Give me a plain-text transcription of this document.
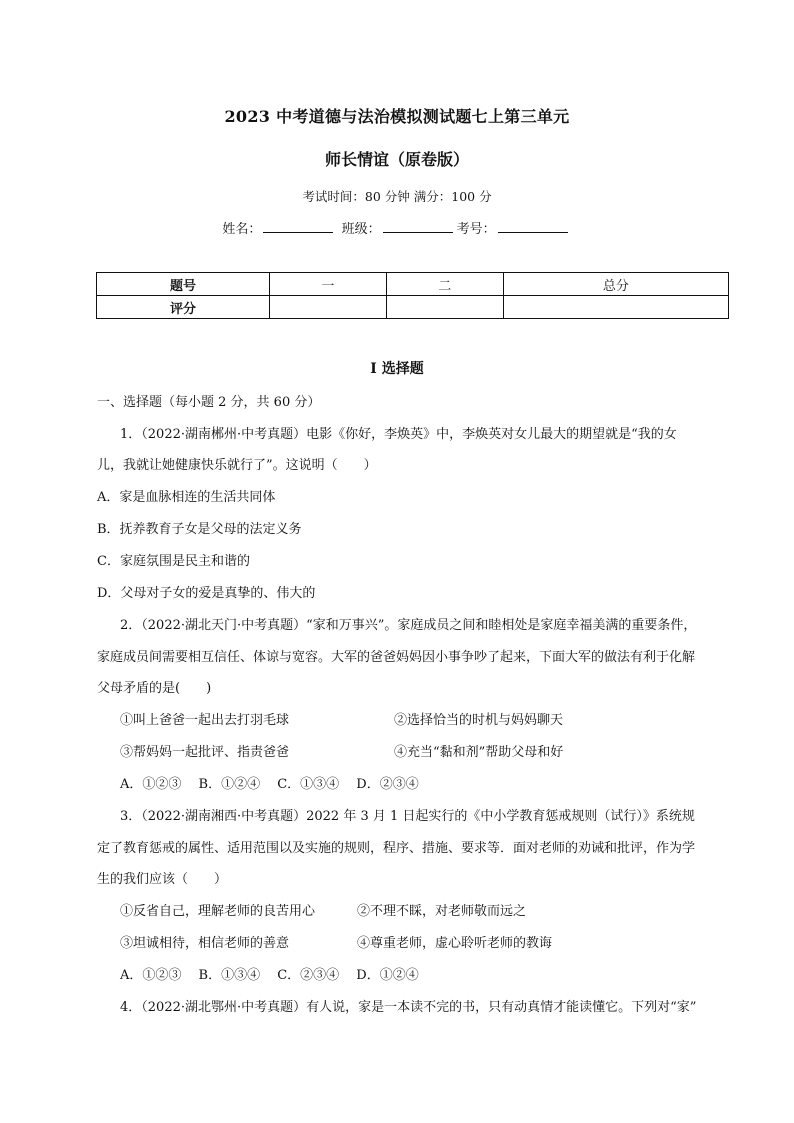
2023 中考道德与法治模拟测试题七上第三单元
师长情谊（原卷版）
考试时间：80 分钟 满分：100 分
姓名：	班级：	考号：
题号	一	二	总分
评分			
I 选择题
一、选择题（每小题 2 分，共 60 分）
1．（2022·湖南郴州·中考真题）电影《你好，李焕英》中，李焕英对女儿最大的期望就是“我的女
儿，我就让她健康快乐就行了”。这说明（　　）
A．家是血脉相连的生活共同体
B．抚养教育子女是父母的法定义务
C．家庭氛围是民主和谐的
D．父母对子女的爱是真挚的、伟大的
2．（2022·湖北天门·中考真题）“家和万事兴”。家庭成员之间和睦相处是家庭幸福美满的重要条件，
家庭成员间需要相互信任、体谅与宽容。大军的爸爸妈妈因小事争吵了起来，下面大军的做法有利于化解
父母矛盾的是(　　)
①叫上爸爸一起出去打羽毛球	②选择恰当的时机与妈妈聊天
③帮妈妈一起批评、指责爸爸	④充当“黏和剂”帮助父母和好
A．①②③　 B．①②④　 C．①③④　 D．②③④
3．（2022·湖南湘西·中考真题）2022 年 3 月 1 日起实行的《中小学教育惩戒规则（试行）》系统规
定了教育惩戒的属性、适用范围以及实施的规则，程序、措施、要求等．面对老师的劝诫和批评，作为学
生的我们应该（　　）
①反省自己，理解老师的良苦用心	②不理不睬，对老师敬而远之
③坦诚相待，相信老师的善意	④尊重老师，虚心聆听老师的教诲
A．①②③　 B．①③④　 C．②③④　 D．①②④
4．（2022·湖北鄂州·中考真题）有人说，家是一本读不完的书，只有动真情才能读懂它。下列对“家”
